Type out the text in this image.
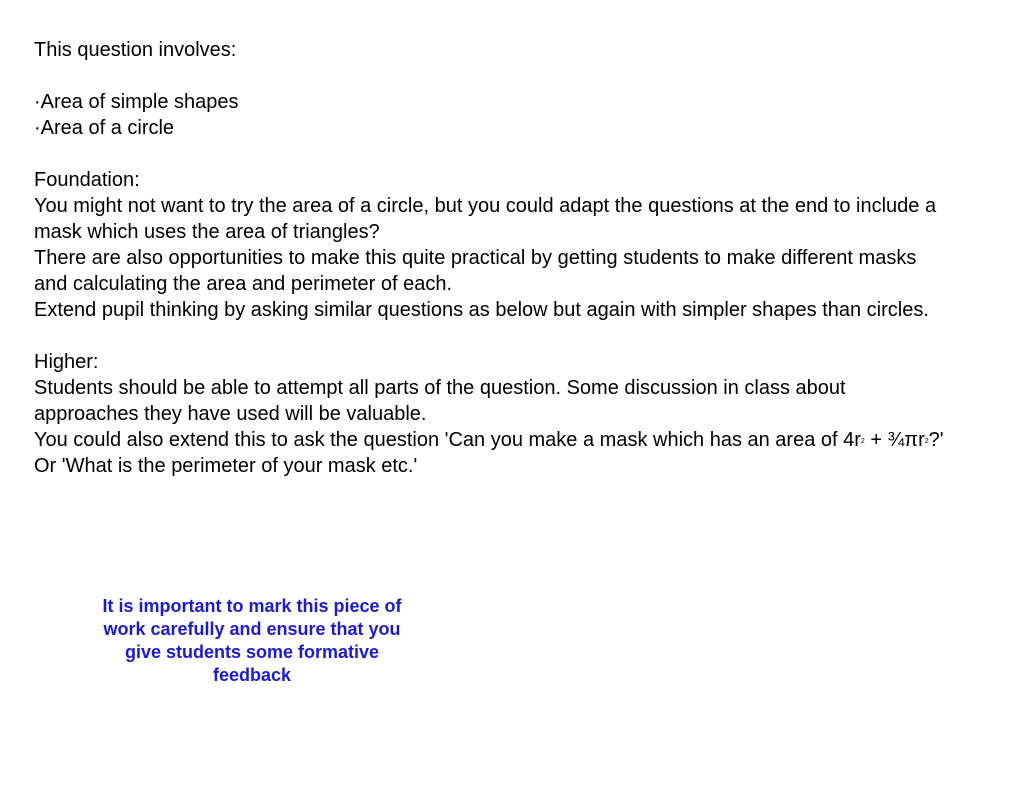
This question involves:

·Area of simple shapes

·Area of a circle

Foundation:

You might not want to try the area of a circle, but you could adapt the questions at the end to include a mask which uses the area of triangles?

There are also opportunities to make this quite practical by getting students to make different masks and calculating the area and perimeter of each.

Extend pupil thinking by asking similar questions as below but again with simpler shapes than circles.

Higher:

Students should be able to attempt all parts of the question. Some discussion in class about approaches they have used will be valuable.

You could also extend this to ask the question 'Can you make a mask which has an area of $4r^2$ + $\frac{3}{4}\pi r^2?'$

Or 'What is the perimeter of your mask etc.'

It is important to mark this piece of work carefully and ensure that you give students some formative feedback
